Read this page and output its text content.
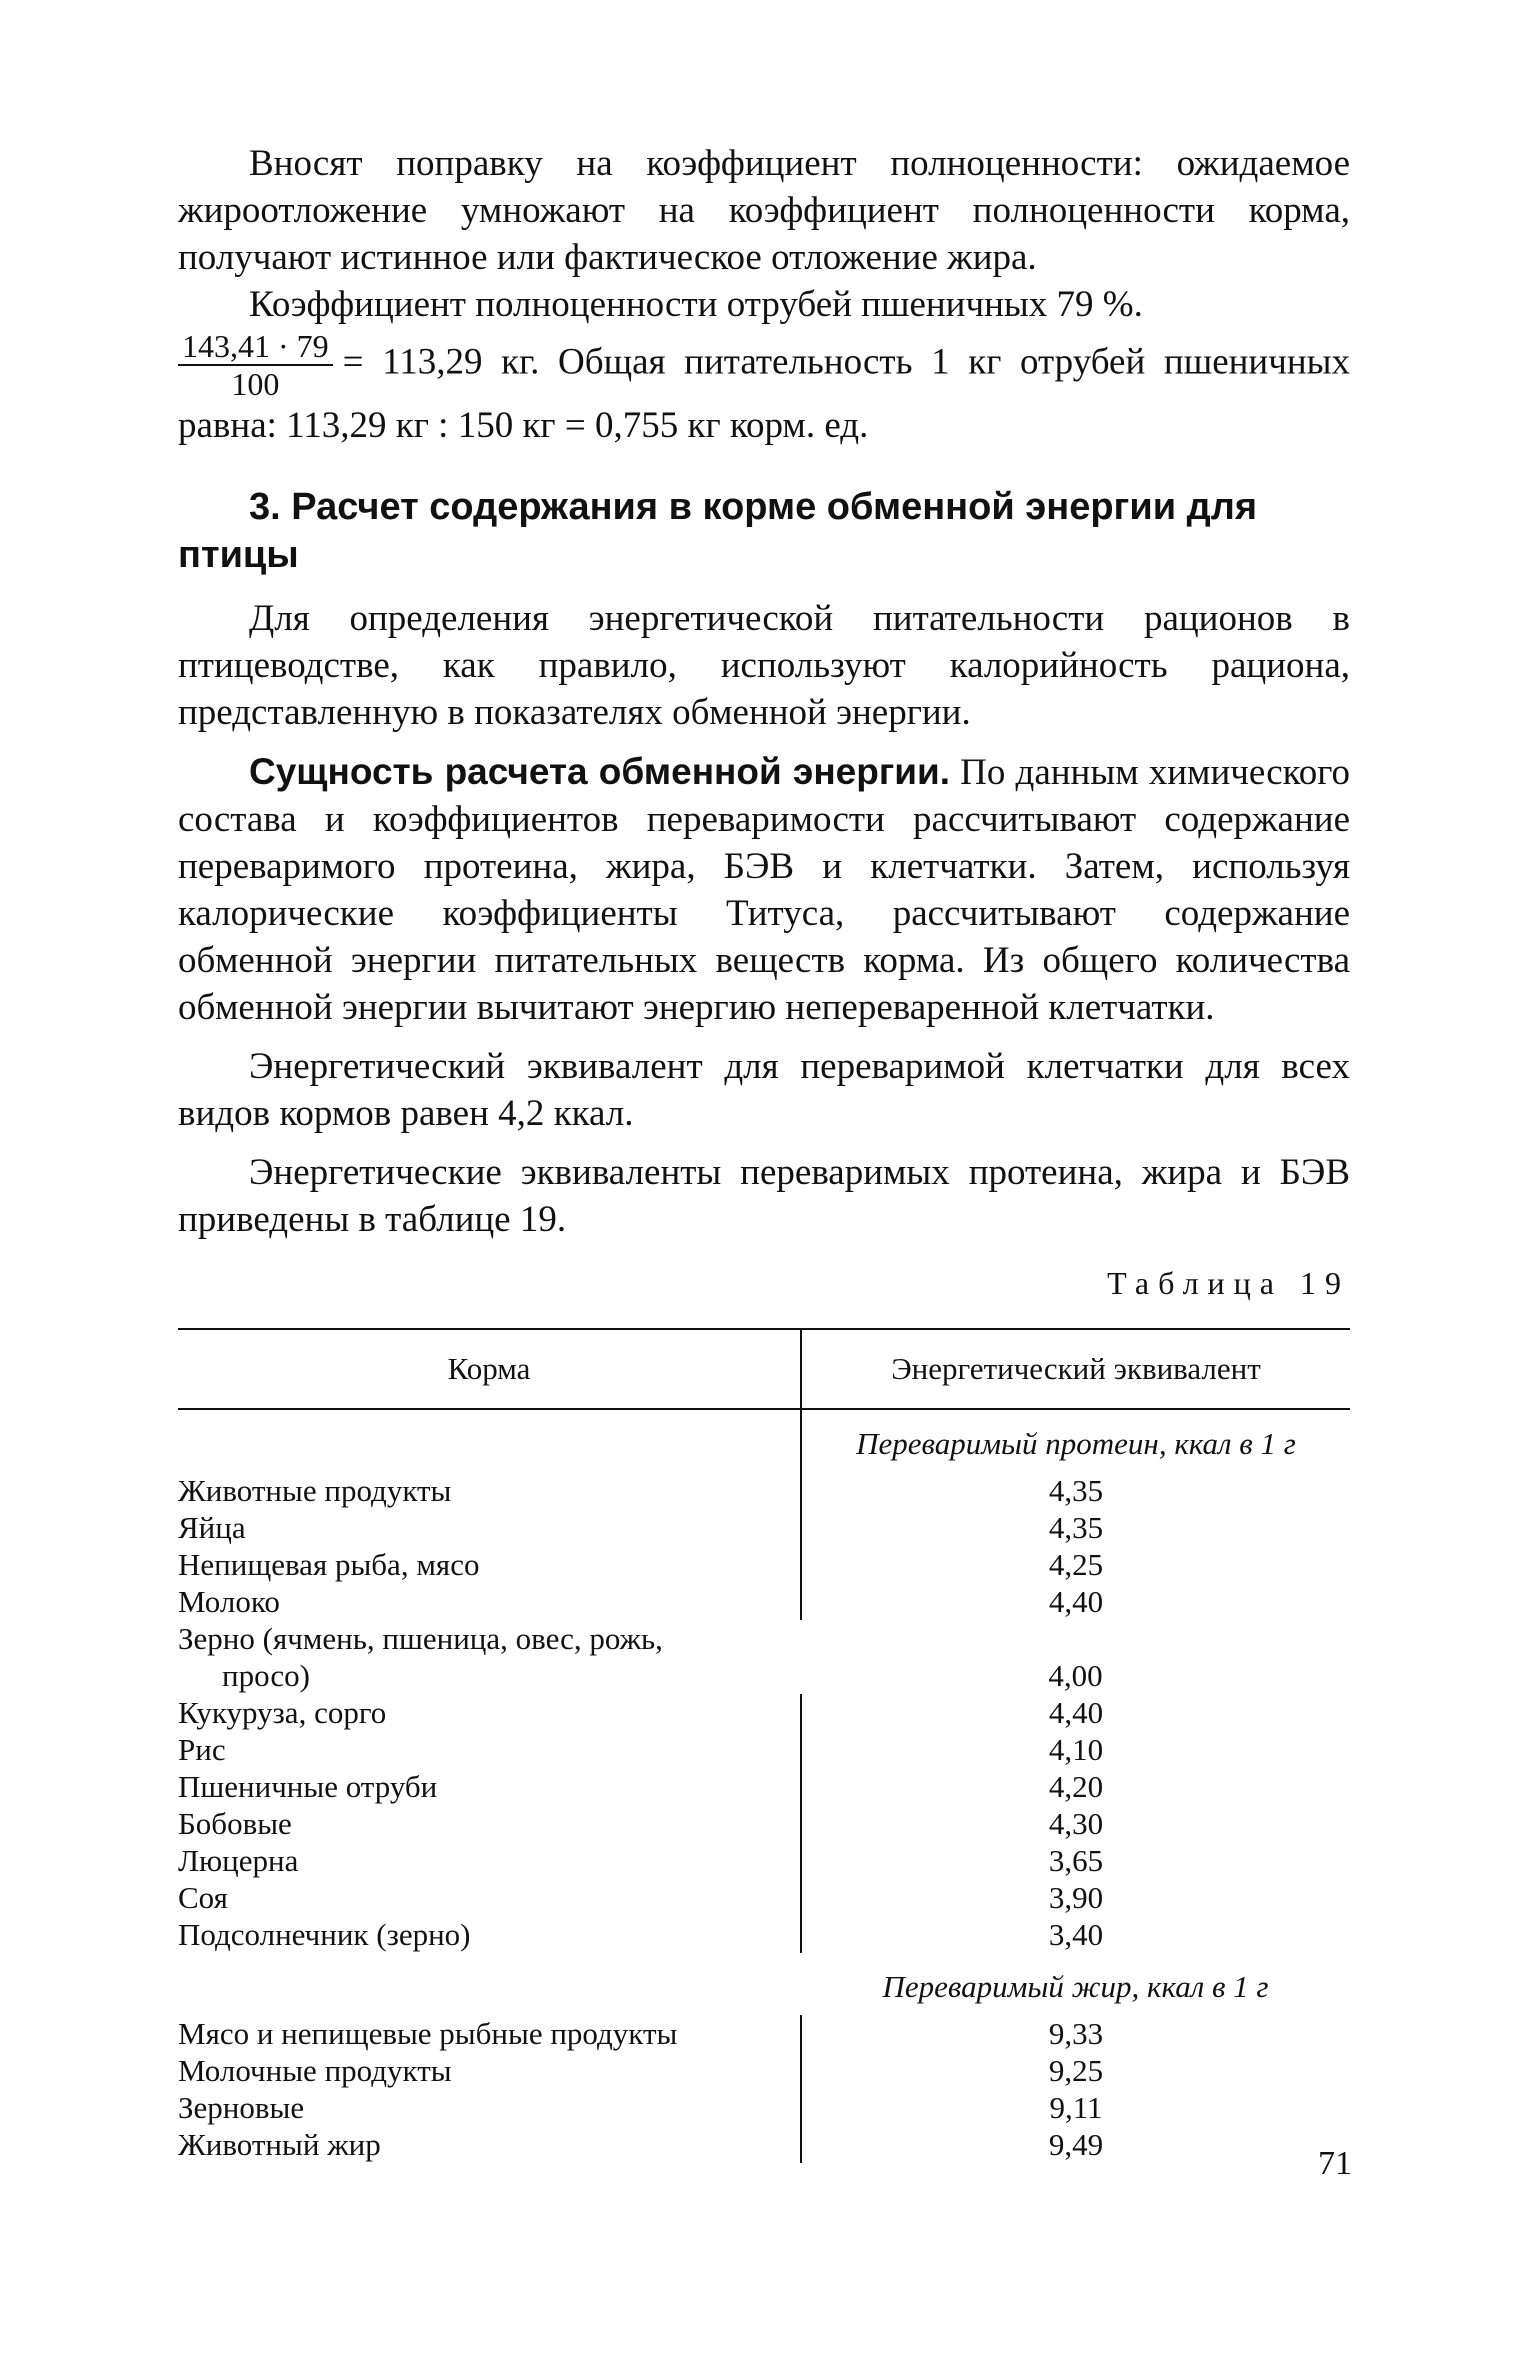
Вносят поправку на коэффициент полноценности: ожидаемое жироотложение умножают на коэффициент полноценности корма, получают истинное или фактическое отложение жира.

Коэффициент полноценности отрубей пшеничных 79 %.

$\frac{143,41 \cdot 79}{100} = 113,29$ кг. Общая питательность 1 кг отрубей пшеничных равна: 113,29 кг : 150 кг = 0,755 кг корм. ед.

3. Расчет содержания в корме обменной энергии для птицы

Для определения энергетической питательности рационов в птицеводстве, как правило, используют калорийность рациона, представленную в показателях обменной энергии.

Сущность расчета обменной энергии. По данным химического состава и коэффициентов переваримости рассчитывают содержание переваримого протеина, жира, БЭВ и клетчатки. Затем, используя калорические коэффициенты Титуса, рассчитывают содержание обменной энергии питательных веществ корма. Из общего количества обменной энергии вычитают энергию непереваренной клетчатки.

Энергетический эквивалент для переваримой клетчатки для всех видов кормов равен 4,2 ккал.

Энергетические эквиваленты переваримых протеина, жира и БЭВ приведены в таблице 19.

Таблица 19
Корма	Энергетический эквивалент
	Переваримый протеин, ккал в 1 г
Животные продукты	4,35
Яйца	4,35
Непищевая рыба, мясо	4,25
Молоко	4,40
Зерно (ячмень, пшеница, овес, рожь,	
просо)	4,00
Кукуруза, сорго	4,40
Рис	4,10
Пшеничные отруби	4,20
Бобовые	4,30
Люцерна	3,65
Соя	3,90
Подсолнечник (зерно)	3,40
	Переваримый жир, ккал в 1 г
Мясо и непищевые рыбные продукты	9,33
Молочные продукты	9,25
Зерновые	9,11
Животный жир	9,49
71
